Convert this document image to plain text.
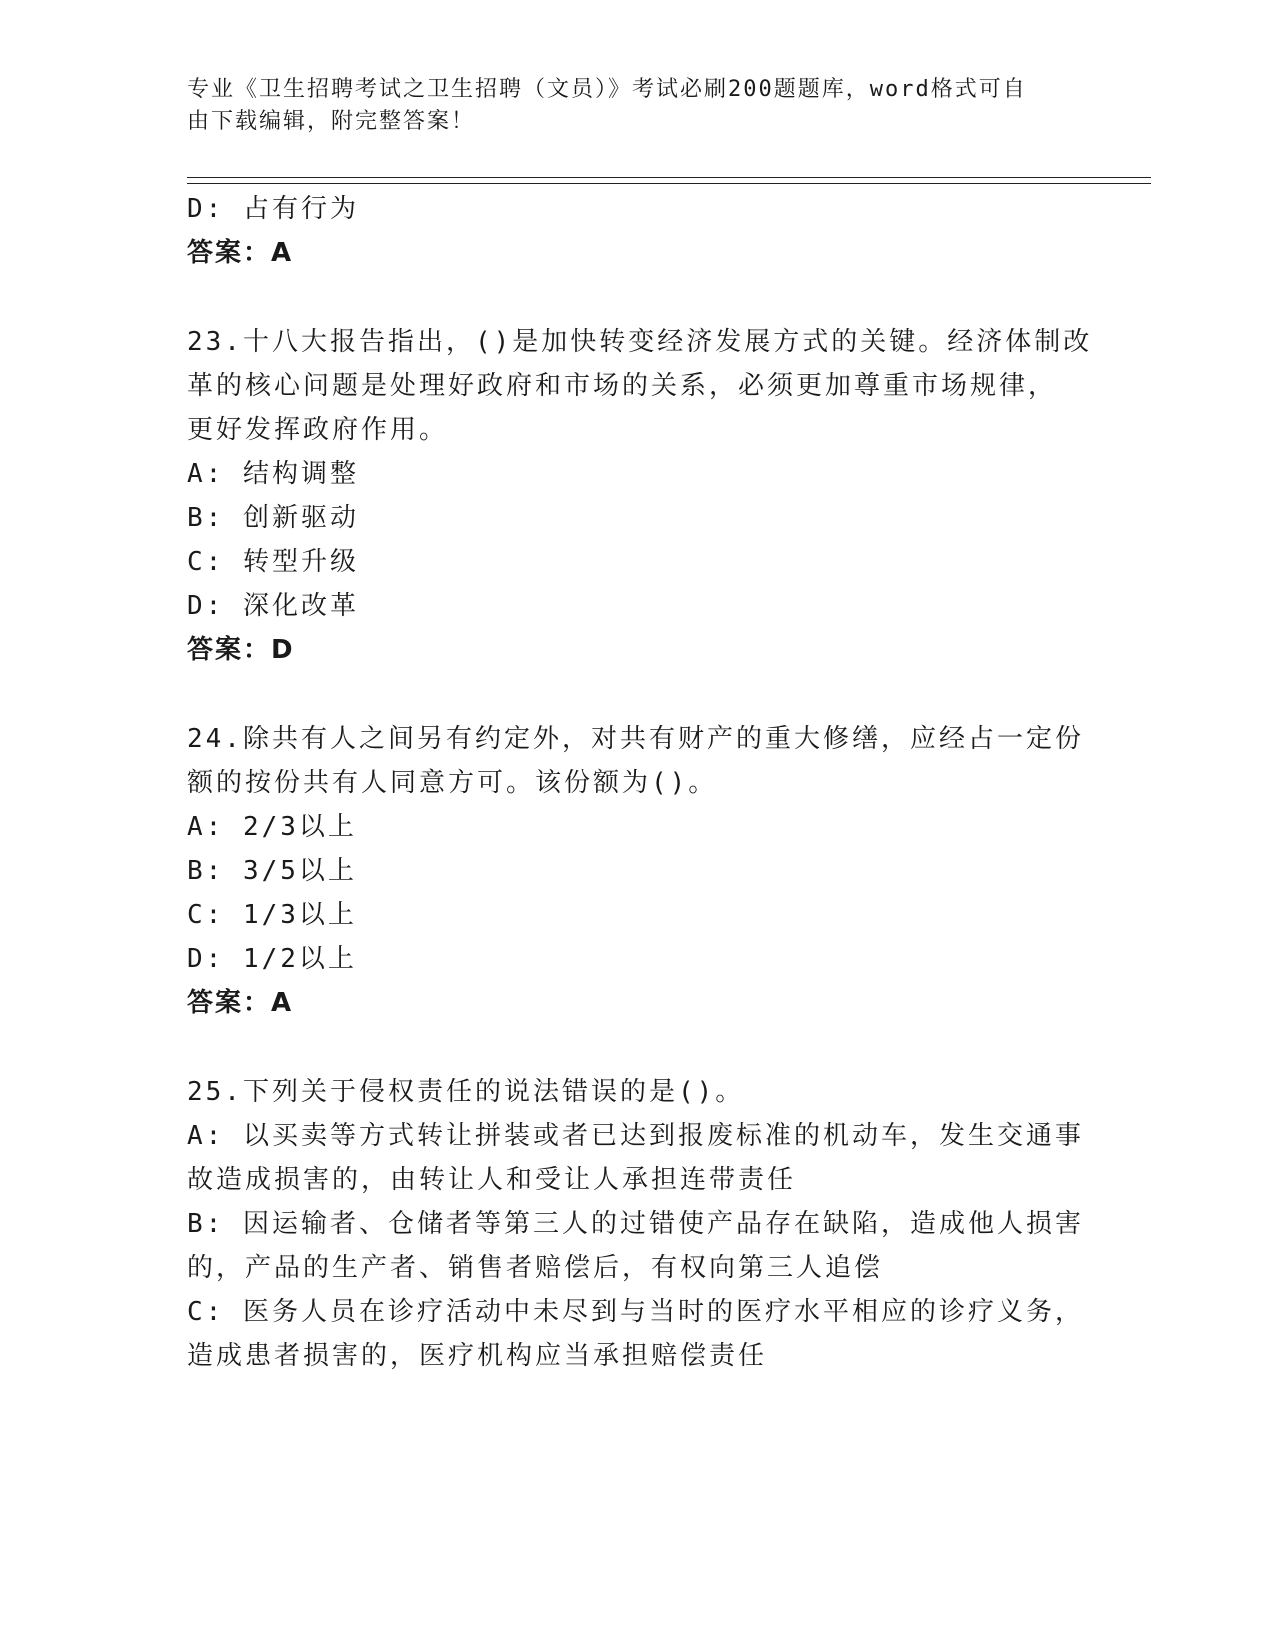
专业《卫生招聘考试之卫生招聘（文员）》考试必刷200题题库，word格式可自
由下载编辑，附完整答案！
D: 占有行为
答案：A
23.十八大报告指出，()是加快转变经济发展方式的关键。经济体制改
革的核心问题是处理好政府和市场的关系，必须更加尊重市场规律，
更好发挥政府作用。
A: 结构调整
B: 创新驱动
C: 转型升级
D: 深化改革
答案：D
24.除共有人之间另有约定外，对共有财产的重大修缮，应经占一定份
额的按份共有人同意方可。该份额为()。
A: 2/3以上
B: 3/5以上
C: 1/3以上
D: 1/2以上
答案：A
25.下列关于侵权责任的说法错误的是()。
A: 以买卖等方式转让拼装或者已达到报废标准的机动车，发生交通事
故造成损害的，由转让人和受让人承担连带责任
B: 因运输者、仓储者等第三人的过错使产品存在缺陷，造成他人损害
的，产品的生产者、销售者赔偿后，有权向第三人追偿
C: 医务人员在诊疗活动中未尽到与当时的医疗水平相应的诊疗义务，
造成患者损害的，医疗机构应当承担赔偿责任
